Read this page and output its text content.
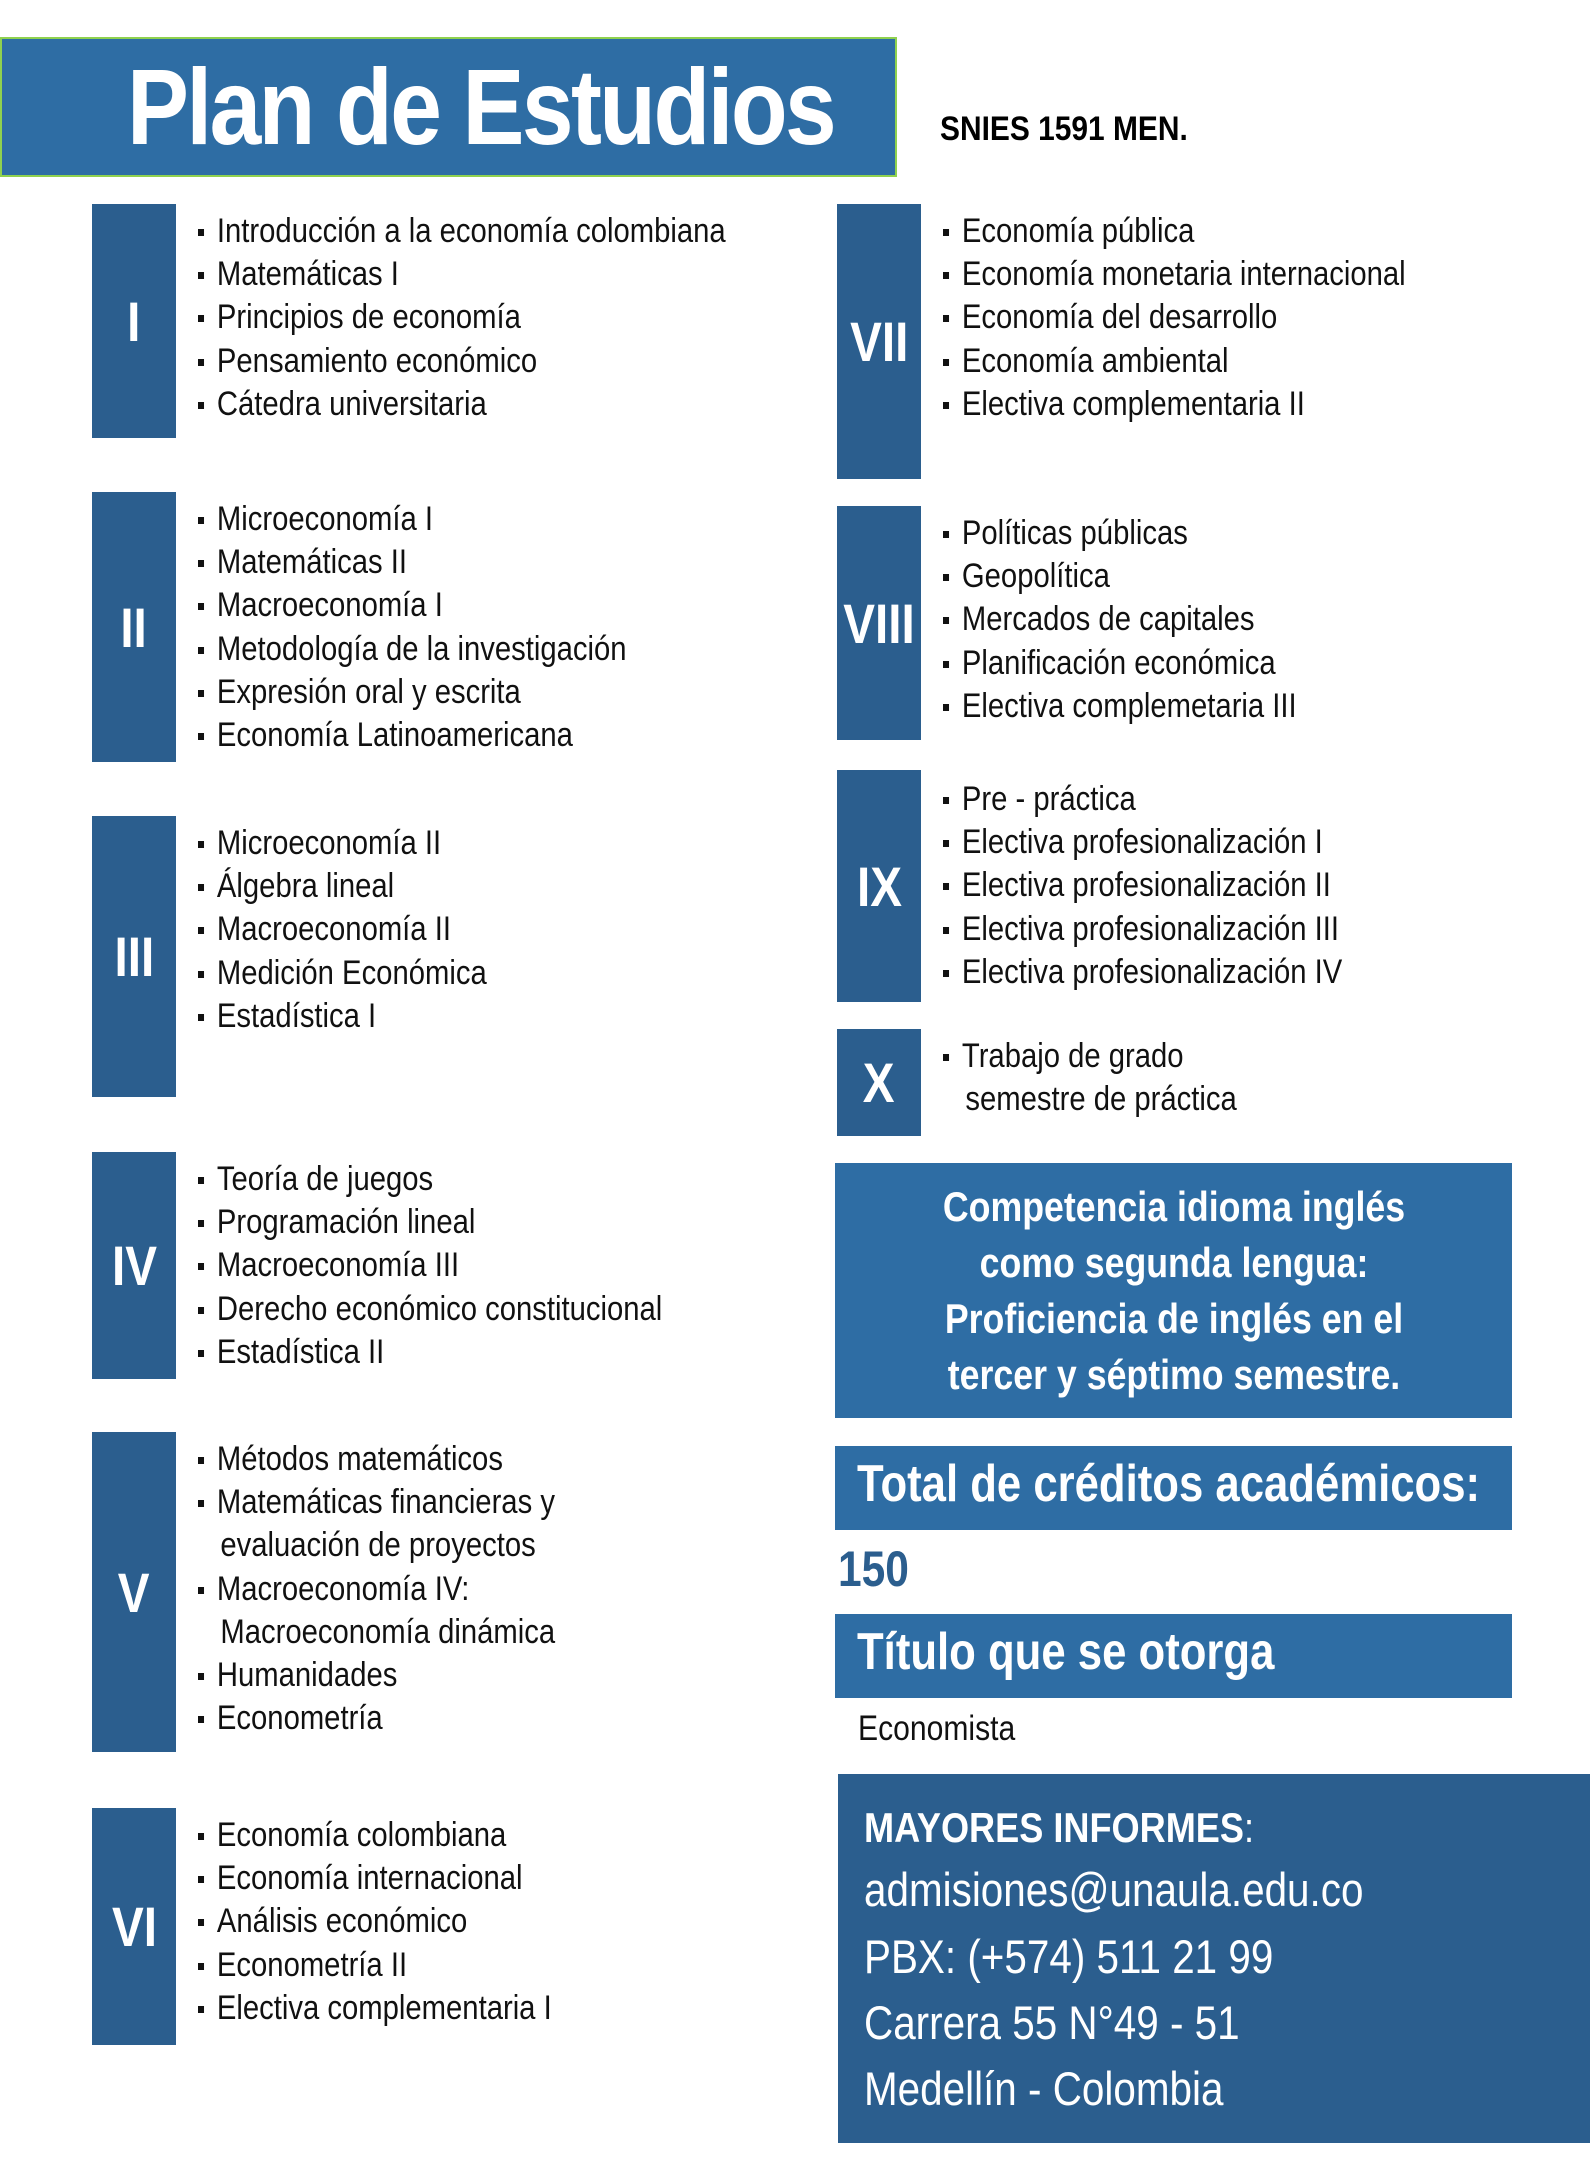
Plan de Estudios	SNIES 1591 MEN.
I
Introducción a la economía colombiana
Matemáticas I
Principios de economía
Pensamiento económico
Cátedra universitaria
II
Microeconomía I
Matemáticas II
Macroeconomía I
Metodología de la investigación
Expresión oral y escrita
Economía Latinoamericana
III
Microeconomía II
Álgebra lineal
Macroeconomía II
Medición Económica
Estadística I
IV
Teoría de juegos
Programación lineal
Macroeconomía III
Derecho económico constitucional
Estadística II
V
Métodos matemáticos
Matemáticas financieras y
evaluación de proyectos
Macroeconomía IV:
Macroeconomía dinámica
Humanidades
Econometría
VI
Economía colombiana
Economía internacional
Análisis económico
Econometría II
Electiva complementaria I
VII
Economía pública
Economía monetaria internacional
Economía del desarrollo
Economía ambiental
Electiva complementaria II
VIII
Políticas públicas
Geopolítica
Mercados de capitales
Planificación económica
Electiva complemetaria III
IX
Pre - práctica
Electiva profesionalización I
Electiva profesionalización II
Electiva profesionalización III
Electiva profesionalización IV
X	Trabajo de grado
semestre de práctica
Competencia idioma inglés como segunda lengua: Proficiencia de inglés en el tercer y séptimo semestre.
Total de créditos académicos:
150
Título que se otorga
Economista
MAYORES INFORMES:
admisiones@unaula.edu.co
PBX: (+574) 511 21 99
Carrera 55 N°49 - 51
Medellín - Colombia
